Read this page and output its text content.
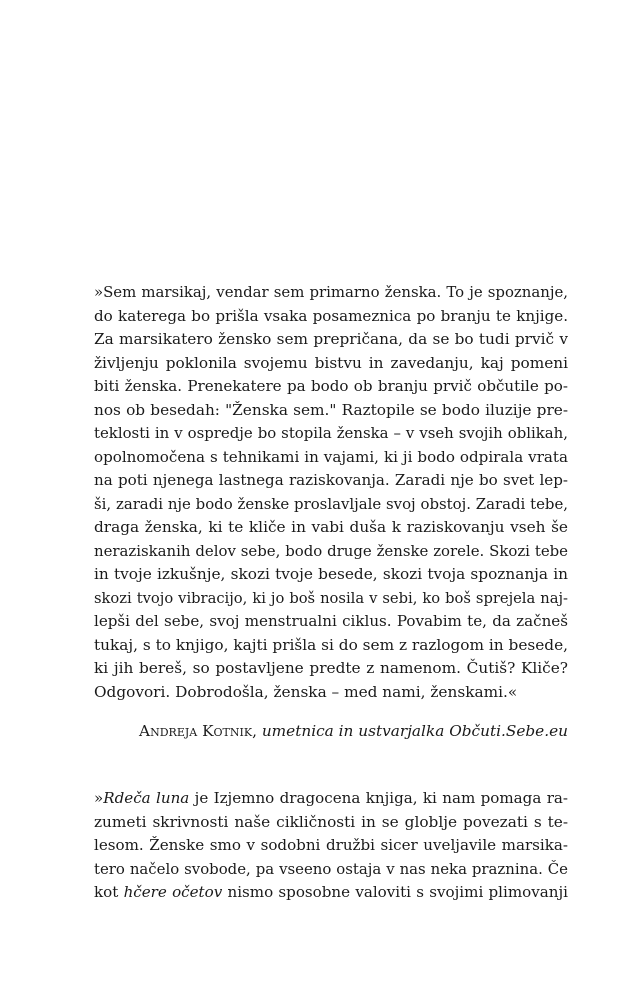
»Sem marsikaj, vendar sem primarno ženska. To je spoznanje,
do katerega bo prišla vsaka posameznica po branju te knjige.
Za marsikatero žensko sem prepričana, da se bo tudi prvič v
življenju poklonila svojemu bistvu in zavedanju, kaj pomeni
biti ženska. Prenekatere pa bodo ob branju prvič občutile po-
nos ob besedah: "Ženska sem." Raztopile se bodo iluzije pre-
teklosti in v ospredje bo stopila ženska – v vseh svojih oblikah,
opolnomočena s tehnikami in vajami, ki ji bodo odpirala vrata
na poti njenega lastnega raziskovanja. Zaradi nje bo svet lep-
ši, zaradi nje bodo ženske proslavljale svoj obstoj. Zaradi tebe,
draga ženska, ki te kliče in vabi duša k raziskovanju vseh še
neraziskanih delov sebe, bodo druge ženske zorele. Skozi tebe
in tvoje izkušnje, skozi tvoje besede, skozi tvoja spoznanja in
skozi tvojo vibracijo, ki jo boš nosila v sebi, ko boš sprejela naj-
lepši del sebe, svoj menstrualni ciklus. Povabim te, da začneš
tukaj, s to knjigo, kajti prišla si do sem z razlogom in besede,
ki jih bereš, so postavljene predte z namenom. Čutiš? Kliče?
Odgovori. Dobrodošla, ženska – med nami, ženskami.«
Andreja Kotnik, umetnica in ustvarjalka Občuti.Sebe.eu
»Rdeča luna je Izjemno dragocena knjiga, ki nam pomaga ra-
zumeti skrivnosti naše cikličnosti in se globlje povezati s te-
lesom. Ženske smo v sodobni družbi sicer uveljavile marsika-
tero načelo svobode, pa vseeno ostaja v nas neka praznina. Če
kot hčere očetov nismo sposobne valoviti s svojimi plimovanji
